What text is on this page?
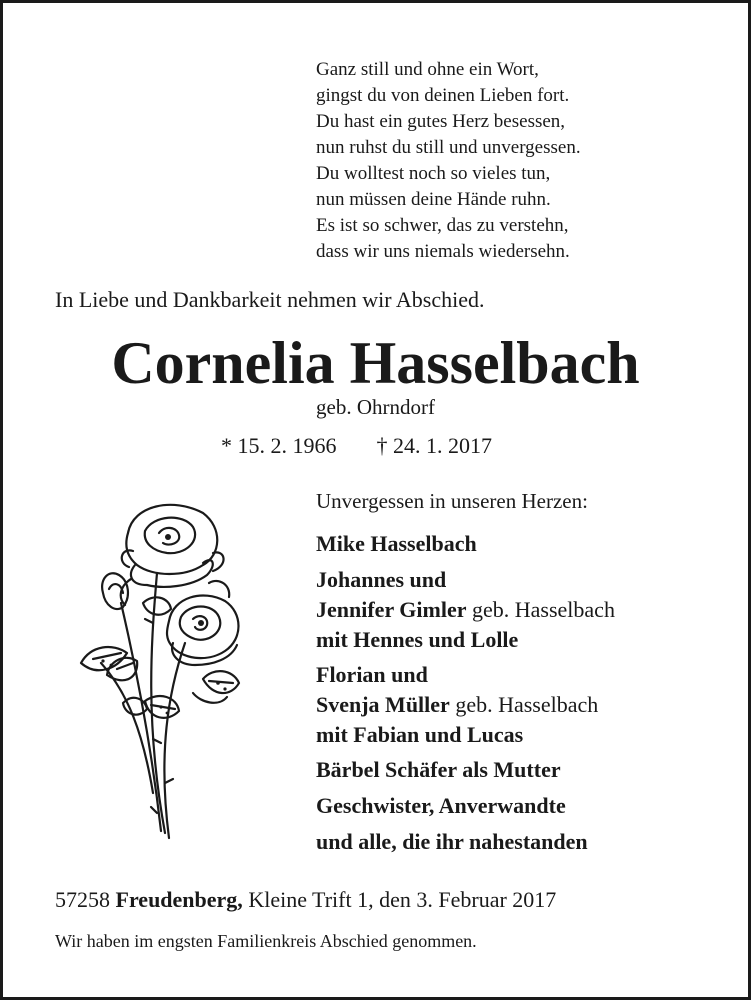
Ganz still und ohne ein Wort,
gingst du von deinen Lieben fort.
Du hast ein gutes Herz besessen,
nun ruhst du still und unvergessen.
Du wolltest noch so vieles tun,
nun müssen deine Hände ruhn.
Es ist so schwer, das zu verstehn,
dass wir uns niemals wiedersehn.
In Liebe und Dankbarkeit nehmen wir Abschied.
Cornelia Hasselbach
geb. Ohrndorf
* 15. 2. 1966 † 24. 1. 2017
Unvergessen in unseren Herzen:
Mike Hasselbach
Johannes und
Jennifer Gimler geb. Hasselbach
mit Hennes und Lolle
Florian und
Svenja Müller geb. Hasselbach
mit Fabian und Lucas
Bärbel Schäfer als Mutter
Geschwister, Anverwandte
und alle, die ihr nahestanden
57258 Freudenberg, Kleine Trift 1, den 3. Februar 2017
Wir haben im engsten Familienkreis Abschied genommen.
